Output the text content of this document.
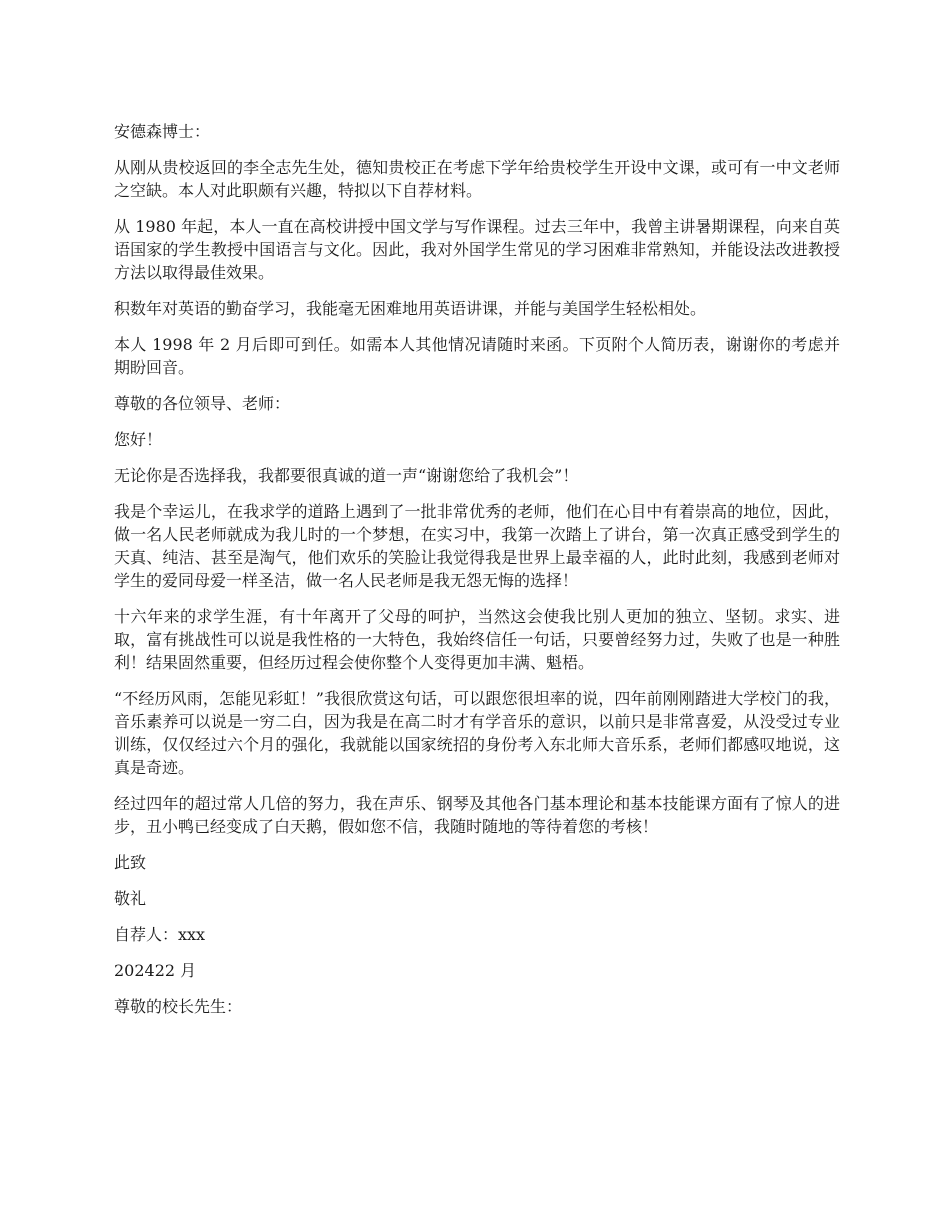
安德森博士：

从刚从贵校返回的李全志先生处，德知贵校正在考虑下学年给贵校学生开设中文课，或可有一中文老师之空缺。本人对此职颇有兴趣，特拟以下自荐材料。

从 1980 年起，本人一直在高校讲授中国文学与写作课程。过去三年中，我曾主讲暑期课程，向来自英语国家的学生教授中国语言与文化。因此，我对外国学生常见的学习困难非常熟知，并能设法改进教授方法以取得最佳效果。

积数年对英语的勤奋学习，我能毫无困难地用英语讲课，并能与美国学生轻松相处。

本人 1998 年 2 月后即可到任。如需本人其他情况请随时来函。下页附个人简历表，谢谢你的考虑并期盼回音。

尊敬的各位领导、老师：

您好！

无论你是否选择我，我都要很真诚的道一声“谢谢您给了我机会”！

我是个幸运儿，在我求学的道路上遇到了一批非常优秀的老师，他们在心目中有着崇高的地位，因此，做一名人民老师就成为我儿时的一个梦想，在实习中，我第一次踏上了讲台，第一次真正感受到学生的天真、纯洁、甚至是淘气，他们欢乐的笑脸让我觉得我是世界上最幸福的人，此时此刻，我感到老师对学生的爱同母爱一样圣洁，做一名人民老师是我无怨无悔的选择！

十六年来的求学生涯，有十年离开了父母的呵护，当然这会使我比别人更加的独立、坚韧。求实、进取，富有挑战性可以说是我性格的一大特色，我始终信任一句话，只要曾经努力过，失败了也是一种胜利！结果固然重要，但经历过程会使你整个人变得更加丰满、魁梧。

“不经历风雨，怎能见彩虹！”我很欣赏这句话，可以跟您很坦率的说，四年前刚刚踏进大学校门的我，音乐素养可以说是一穷二白，因为我是在高二时才有学音乐的意识，以前只是非常喜爱，从没受过专业训练，仅仅经过六个月的强化，我就能以国家统招的身份考入东北师大音乐系，老师们都感叹地说，这真是奇迹。

经过四年的超过常人几倍的努力，我在声乐、钢琴及其他各门基本理论和基本技能课方面有了惊人的进步，丑小鸭已经变成了白天鹅，假如您不信，我随时随地的等待着您的考核！

此致

敬礼

自荐人：xxx

202422 月

尊敬的校长先生：
